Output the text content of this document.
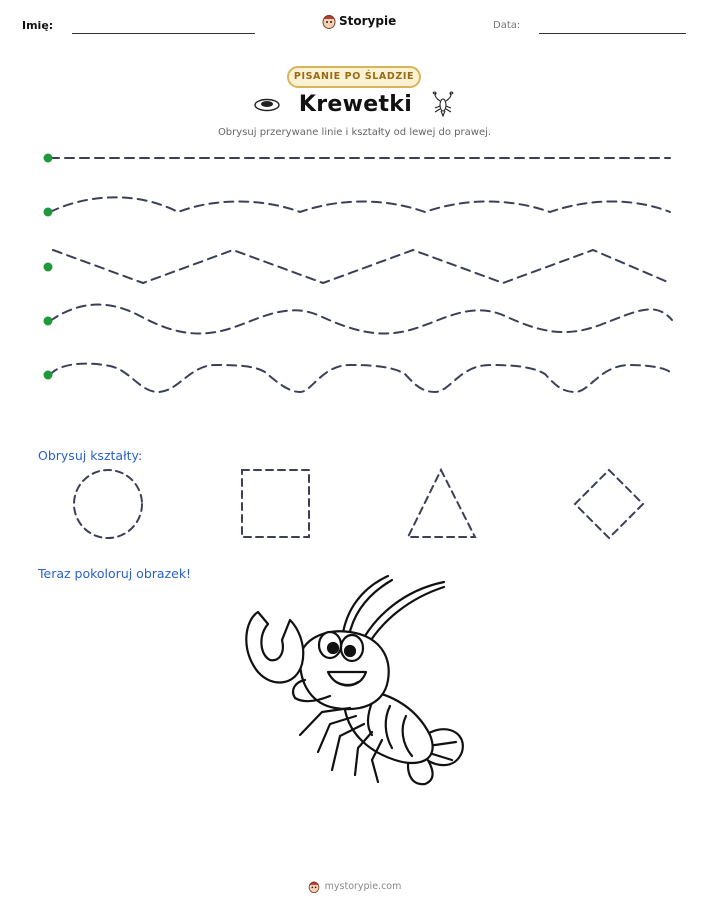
Imię:	Storypie	Data:
PISANIE PO ŚLADZIE
Krewetki
Obrysuj przerywane linie i kształty od lewej do prawej.
Obrysuj kształty:
Teraz pokoloruj obrazek!
mystorypie.com
